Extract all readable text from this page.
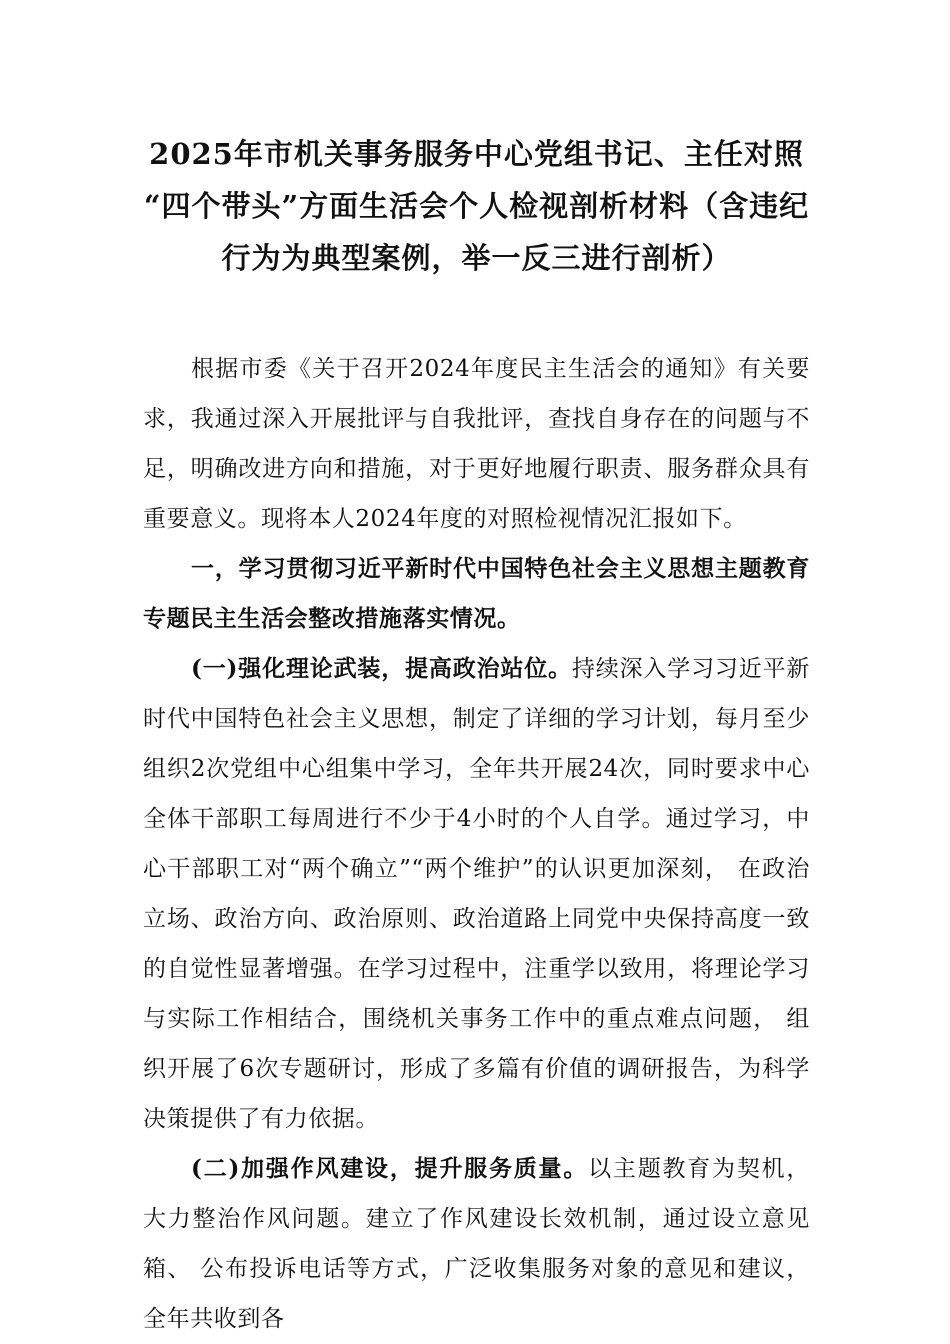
2025年市机关事务服务中心党组书记、主任对照
“四个带头”方面生活会个人检视剖析材料（含违纪
行为为典型案例，举一反三进行剖析）

根据市委《关于召开2024年度民主生活会的通知》有关要求，我通过深入开展批评与自我批评，查找自身存在的问题与不足，明确改进方向和措施，对于更好地履行职责、服务群众具有重要意义。现将本人2024年度的对照检视情况汇报如下。

一，学习贯彻习近平新时代中国特色社会主义思想主题教育专题民主生活会整改措施落实情况。

(一)强化理论武装，提高政治站位。持续深入学习习近平新时代中国特色社会主义思想，制定了详细的学习计划，每月至少组织2次党组中心组集中学习，全年共开展24次，同时要求中心全体干部职工每周进行不少于4小时的个人自学。通过学习，中心干部职工对“两个确立”“两个维护”的认识更加深刻， 在政治立场、政治方向、政治原则、政治道路上同党中央保持高度一致的自觉性显著增强。在学习过程中，注重学以致用，将理论学习与实际工作相结合，围绕机关事务工作中的重点难点问题， 组织开展了6次专题研讨，形成了多篇有价值的调研报告，为科学决策提供了有力依据。

(二)加强作风建设，提升服务质量。以主题教育为契机， 大力整治作风问题。建立了作风建设长效机制，通过设立意见箱、 公布投诉电话等方式，广泛收集服务对象的意见和建议，全年共收到各
